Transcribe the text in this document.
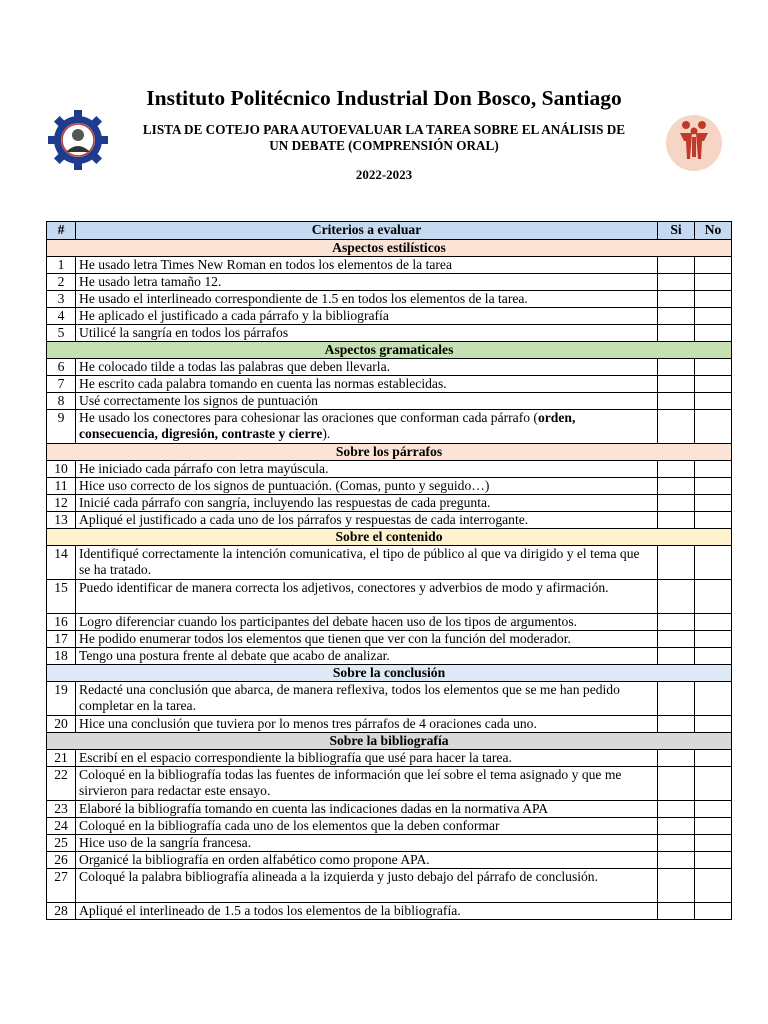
Instituto Politécnico Industrial Don Bosco, Santiago
LISTA DE COTEJO PARA AUTOEVALUAR LA TAREA SOBRE EL ANÁLISIS DE
UN DEBATE (COMPRENSIÓN ORAL)
2022-2023
#	Criterios a evaluar	Si	No
Aspectos estilísticos			
1	He usado letra Times New Roman en todos los elementos de la tarea		
2	He usado letra tamaño 12.		
3	He usado el interlineado correspondiente de 1.5 en todos los elementos de la tarea.		
4	He aplicado el justificado a cada párrafo y la bibliografía		
5	Utilicé la sangría en todos los párrafos		
Aspectos gramaticales			
6	He colocado tilde a todas las palabras que deben llevarla.		
7	He escrito cada palabra tomando en cuenta las normas establecidas.		
8	Usé correctamente los signos de puntuación		
9	He usado los conectores para cohesionar las oraciones que conforman cada párrafo (orden, consecuencia, digresión, contraste y cierre).		
Sobre los párrafos			
10	He iniciado cada párrafo con letra mayúscula.		
11	Hice uso correcto de los signos de puntuación. (Comas, punto y seguido…)		
12	Inicié cada párrafo con sangría, incluyendo las respuestas de cada pregunta.		
13	Apliqué el justificado a cada uno de los párrafos y respuestas de cada interrogante.		
Sobre el contenido			
14	Identifiqué correctamente la intención comunicativa, el tipo de público al que va dirigido y el tema que se ha tratado.		
15	Puedo identificar de manera correcta los adjetivos, conectores y adverbios de modo y afirmación.		
16	Logro diferenciar cuando los participantes del debate hacen uso de los tipos de argumentos.		
17	He podido enumerar todos los elementos que tienen que ver con la función del moderador.		
18	Tengo una postura frente al debate que acabo de analizar.		
Sobre la conclusión			
19	Redacté una conclusión que abarca, de manera reflexiva, todos los elementos que se me han pedido completar en la tarea.		
20	Hice una conclusión que tuviera por lo menos tres párrafos de 4 oraciones cada uno.		
Sobre la bibliografía			
21	Escribí en el espacio correspondiente la bibliografía que usé para hacer la tarea.		
22	Coloqué en la bibliografía todas las fuentes de información que leí sobre el tema asignado y que me sirvieron para redactar este ensayo.		
23	Elaboré la bibliografía tomando en cuenta las indicaciones dadas en la normativa APA		
24	Coloqué en la bibliografía cada uno de los elementos que la deben conformar		
25	Hice uso de la sangría francesa.		
26	Organicé la bibliografía en orden alfabético como propone APA.		
27	Coloqué la palabra bibliografía alineada a la izquierda y justo debajo del párrafo de conclusión.		
28	Apliqué el interlineado de 1.5 a todos los elementos de la bibliografía.		
